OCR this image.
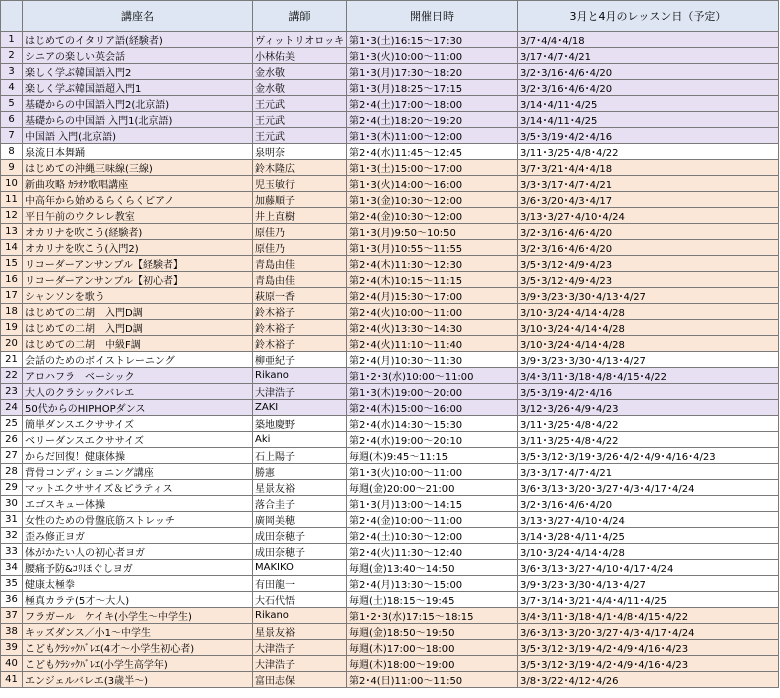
	講座名	講師	開催日時	3月と4月のレッスン日（予定）
1	はじめてのイタリア語(経験者)	ヴィットリオロッキ	第1･3(土)16:15～17:30	3/7･4/4･4/18
2	シニアの楽しい英会話	小林佑美	第1･3(火)10:00～11:00	3/17･4/7･4/21
3	楽しく学ぶ韓国語入門2	金水敬	第1･3(月)17:30～18:20	3/2･3/16･4/6･4/20
4	楽しく学ぶ韓国語超入門1	金水敬	第1･3(月)18:25～17:15	3/2･3/16･4/6･4/20
5	基礎からの中国語入門2(北京語)	王元武	第2･4(土)17:00～18:00	3/14･4/11･4/25
6	基礎からの中国語 入門1(北京語)	王元武	第2･4(土)18:20～19:20	3/14･4/11･4/25
7	中国語 入門(北京語)	王元武	第1･3(木)11:00～12:00	3/5･3/19･4/2･4/16
8	泉流日本舞踊	泉明奈	第2･4(水)11:45～12:45	3/11･3/25･4/8･4/22
9	はじめての沖縄三味線(三線)	鈴木隆広	第1･3(土)15:00～17:00	3/7･3/21･4/4･4/18
10	新曲攻略 ｶﾗｵｹ歌唱講座	児玉敏行	第1･3(火)14:00～16:00	3/3･3/17･4/7･4/21
11	中高年から始めるらくらくピアノ	加藤順子	第1･3(金)10:30～12:00	3/6･3/20･4/3･4/17
12	平日午前のウクレレ教室	井上直樹	第2･4(金)10:30～12:00	3/13･3/27･4/10･4/24
13	オカリナを吹こう(経験者)	原佳乃	第1･3(月)9:50～10:50	3/2･3/16･4/6･4/20
14	オカリナを吹こう(入門2)	原佳乃	第1･3(月)10:55～11:55	3/2･3/16･4/6･4/20
15	リコーダーアンサンブル【経験者】	青島由佳	第2･4(木)11:30～12:30	3/5･3/12･4/9･4/23
16	リコーダーアンサンブル【初心者】	青島由佳	第2･4(木)10:15～11:15	3/5･3/12･4/9･4/23
17	シャンソンを歌う	萩原一香	第2･4(月)15:30～17:00	3/9･3/23･3/30･4/13･4/27
18	はじめての二胡　入門D調	鈴木裕子	第2･4(火)10:00～11:00	3/10･3/24･4/14･4/28
19	はじめての二胡　入門D調	鈴木裕子	第2･4(火)13:30～14:30	3/10･3/24･4/14･4/28
20	はじめての二胡　中級F調	鈴木裕子	第2･4(火)11:10～11:40	3/10･3/24･4/14･4/28
21	会話のためのボイストレーニング	柳亜紀子	第2･4(月)10:30～11:30	3/9･3/23･3/30･4/13･4/27
22	アロハフラ　ベーシック	Rikano	第1･2･3(水)10:00～11:00	3/4･3/11･3/18･4/8･4/15･4/22
23	大人のクラシックバレエ	大津浩子	第1･3(木)19:00～20:00	3/5･3/19･4/2･4/16
24	50代からのHIPHOPダンス	ZAKI	第2･4(木)15:00～16:00	3/12･3/26･4/9･4/23
25	簡単ダンスエクササイズ	築地慶野	第2･4(水)14:30～15:30	3/11･3/25･4/8･4/22
26	ベリーダンスエクササイズ	Aki	第2･4(水)19:00～20:10	3/11･3/25･4/8･4/22
27	からだ回復！健康体操	石上陽子	毎週(木)9:45～11:15	3/5･3/12･3/19･3/26･4/2･4/9･4/16･4/23
28	背骨コンディショニング講座	勝憲	第1･3(火)10:00～11:00	3/3･3/17･4/7･4/21
29	マットエクササイズ＆ピラティス	星景友裕	毎週(金)20:00～21:00	3/6･3/13･3/20･3/27･4/3･4/17･4/24
30	エゴスキュー体操	落合圭子	第1･3(月)13:00～14:15	3/2･3/16･4/6･4/20
31	女性のための骨盤底筋ストレッチ	廣岡美穂	第2･4(金)10:00～11:00	3/13･3/27･4/10･4/24
32	歪み修正ヨガ	成田奈穂子	第2･4(土)10:30～12:00	3/14･3/28･4/11･4/25
33	体がかたい人の初心者ヨガ	成田奈穂子	第2･4(火)11:30～12:40	3/10･3/24･4/14･4/28
34	腰痛予防&ｺﾘほぐしヨガ	MAKIKO	毎週(金)13:40～14:50	3/6･3/13･3/27･4/10･4/17･4/24
35	健康太極拳	有田龍一	第2･4(月)13:30～15:00	3/9･3/23･3/30･4/13･4/27
36	極真カラテ(5才～大人)	大石代悟	毎週(土)18:15～19:45	3/7･3/14･3/21･4/4･4/11･4/25
37	フラガール　ケイキ(小学生～中学生)	Rikano	第1･2･3(水)17:15～18:15	3/4･3/11･3/18･4/1･4/8･4/15･4/22
38	キッズダンス／小1～中学生	星景友裕	毎週(金)18:50～19:50	3/6･3/13･3/20･3/27･4/3･4/17･4/24
39	こどもｸﾗｼｯｸﾊﾞﾚｴ(4才～小学生初心者)	大津浩子	毎週(木)17:00～18:00	3/5･3/12･3/19･4/2･4/9･4/16･4/23
40	こどもｸﾗｼｯｸﾊﾞﾚｴ(小学生高学年)	大津浩子	毎週(木)18:00～19:00	3/5･3/12･3/19･4/2･4/9･4/16･4/23
41	エンジェルバレエ(3歳半～)	富田志保	第2･4(日)11:00～11:50	3/8･3/22･4/12･4/26
